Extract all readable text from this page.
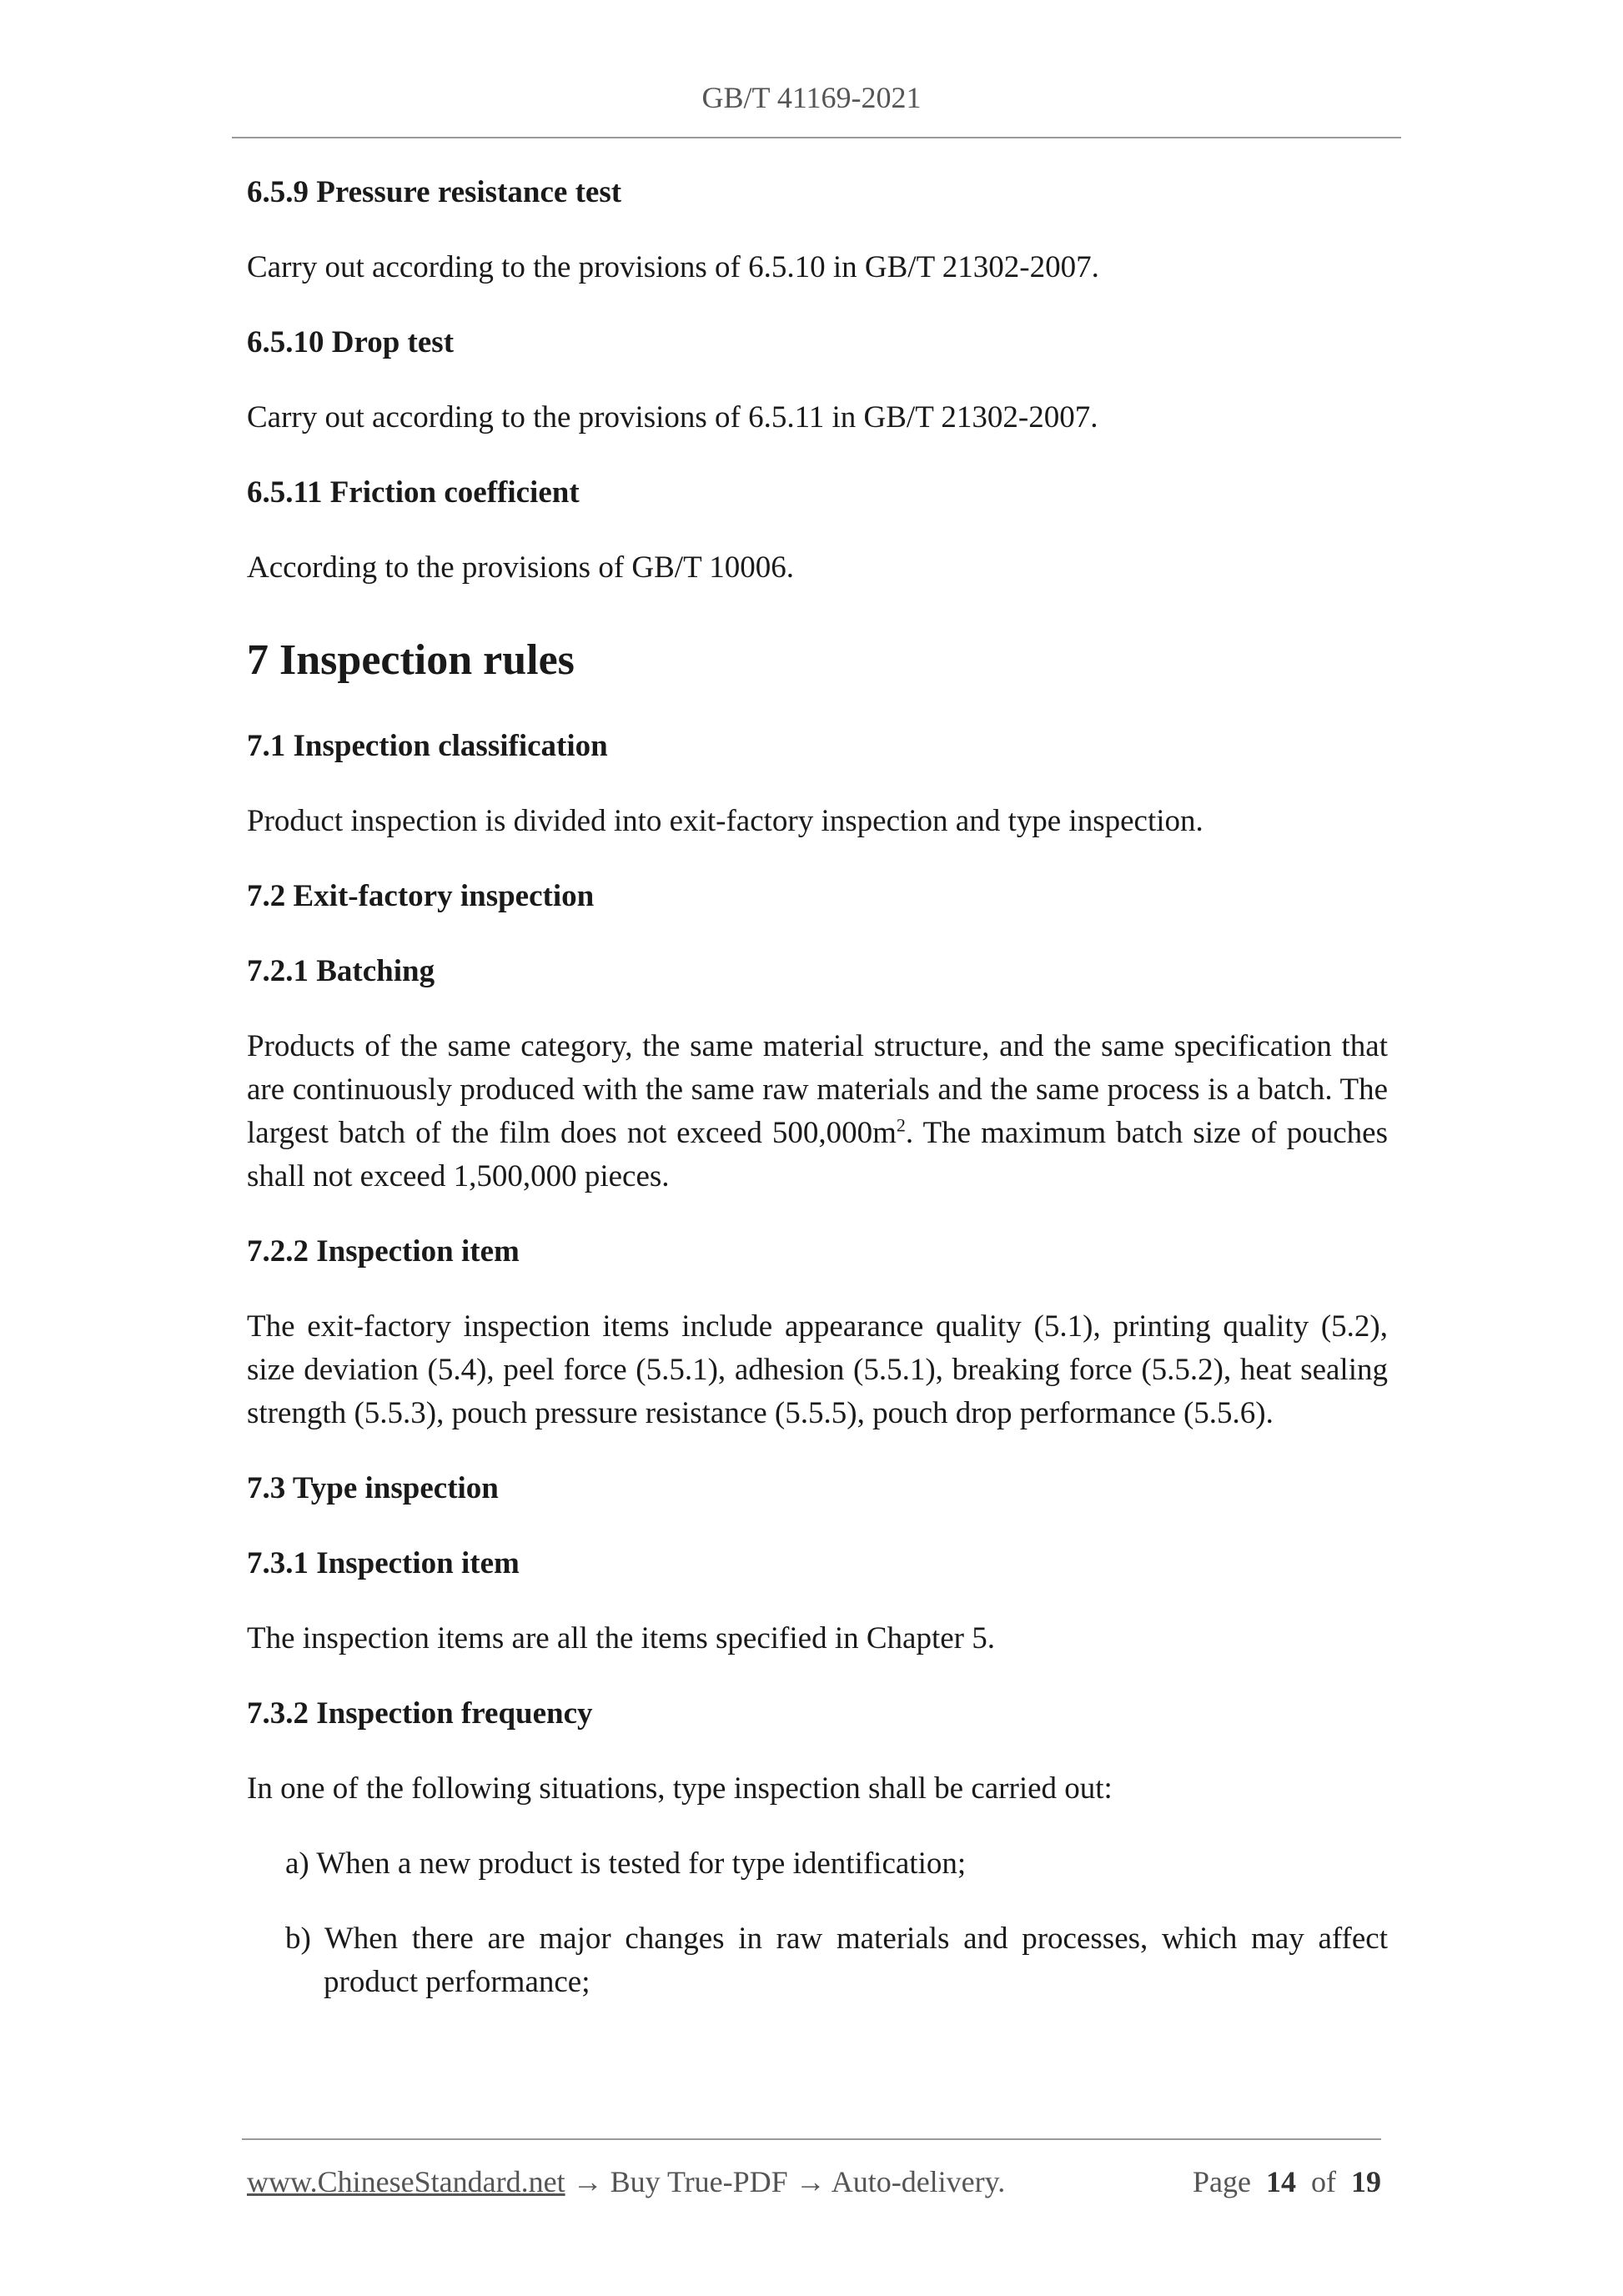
GB/T 41169-2021
6.5.9 Pressure resistance test
Carry out according to the provisions of 6.5.10 in GB/T 21302-2007.
6.5.10 Drop test
Carry out according to the provisions of 6.5.11 in GB/T 21302-2007.
6.5.11 Friction coefficient
According to the provisions of GB/T 10006.
7 Inspection rules
7.1 Inspection classification
Product inspection is divided into exit-factory inspection and type inspection.
7.2 Exit-factory inspection
7.2.1 Batching
Products of the same category, the same material structure, and the same specification that are continuously produced with the same raw materials and the same process is a batch. The largest batch of the film does not exceed $500,000m^2$. The maximum batch size of pouches shall not exceed 1,500,000 pieces.
7.2.2 Inspection item
The exit-factory inspection items include appearance quality (5.1), printing quality (5.2), size deviation (5.4), peel force (5.5.1), adhesion (5.5.1), breaking force (5.5.2), heat sealing strength (5.5.3), pouch pressure resistance (5.5.5), pouch drop performance (5.5.6).
7.3 Type inspection
7.3.1 Inspection item
The inspection items are all the items specified in Chapter 5.
7.3.2 Inspection frequency
In one of the following situations, type inspection shall be carried out:
a) When a new product is tested for type identification;
b) When there are major changes in raw materials and processes, which may affect product performance;
www.ChineseStandard.net → Buy True-PDF → Auto-delivery.	Page 14 of 19
